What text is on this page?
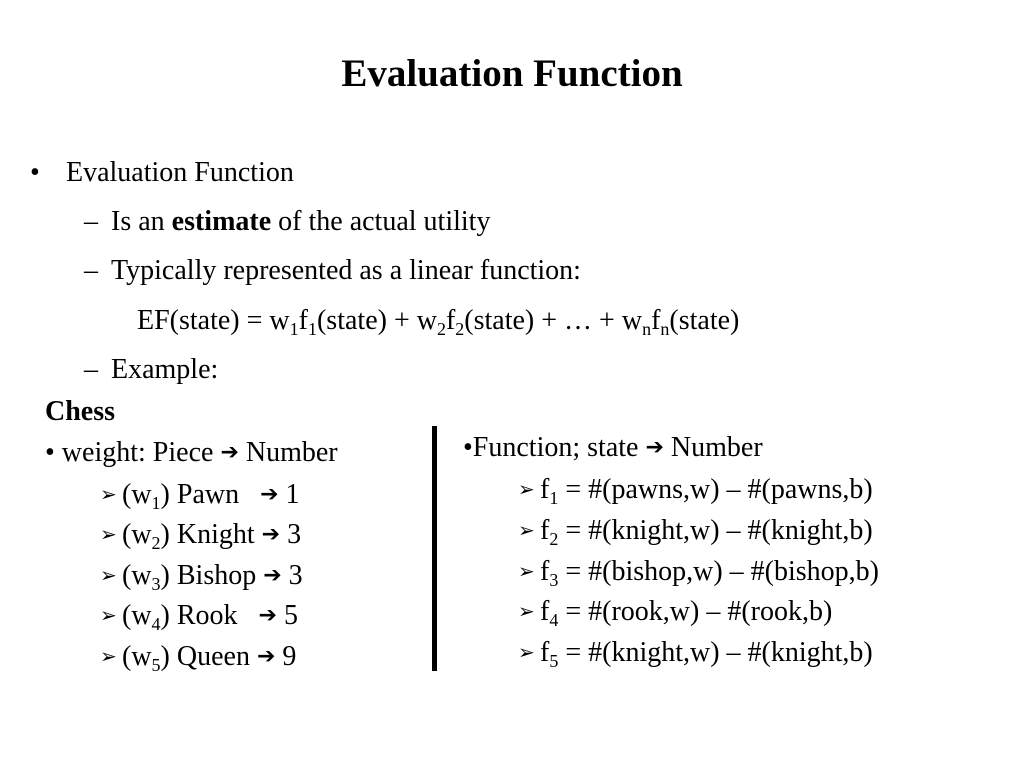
Evaluation Function
• Evaluation Function
– Is an estimate of the actual utility
– Typically represented as a linear function:
EF(state) = $w_1f_1(state)$ + $w_2f_2(state)$ + … + $w_nf_n(state)$
– Example:
Chess
• weight: Piece ➔ Number
➢ $(w_1)$ Pawn   ➔ 1
➢ $(w_2)$ Knight ➔ 3
➢ $(w_3)$ Bishop ➔ 3
➢ $(w_4)$ Rook   ➔ 5
➢ $(w_5)$ Queen ➔ 9
•Function; state ➔ Number
➢ $f_1$ = #(pawns,w) – #(pawns,b)
➢ $f_2$ = #(knight,w) – #(knight,b)
➢ $f_3$ = #(bishop,w) – #(bishop,b)
➢ $f_4$ = #(rook,w) – #(rook,b)
➢ $f_5$ = #(knight,w) – #(knight,b)
